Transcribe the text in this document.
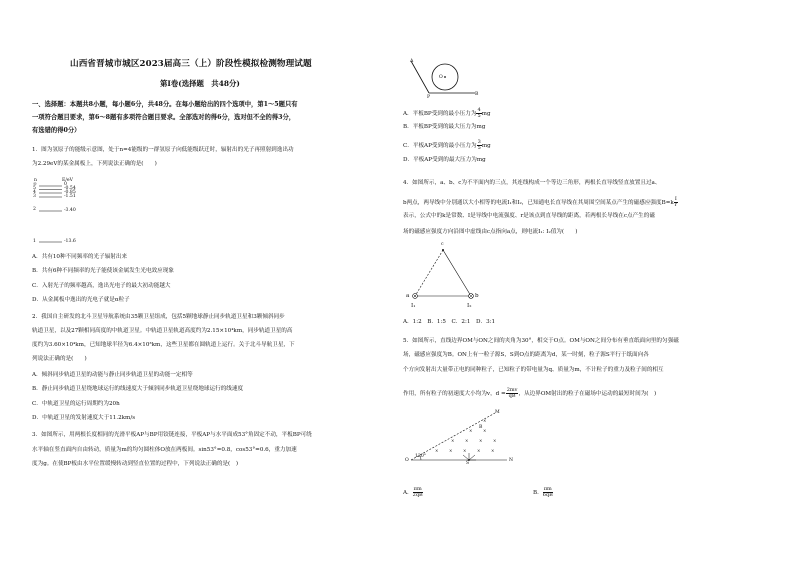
山西省晋城市城区2023届高三（上）阶段性模拟检测物理试题
第Ⅰ卷(选择题　共48分)
一、选择题：本题共8小题，每小题6分，共48分。在每小题给出的四个选项中，第1～5题只有
一项符合题目要求，第6～8题有多项符合题目要求。全部选对的得6分，选对但不全的得3分，
有选错的得0分）
1．图为氢原子的能级示意图，处于n=4能级的一群氢原子向低能级跃迁时，辐射出的光子再照射到逸出功
为2.29eV的某金属板上，下列说法正确的是(　　)
n	E/eV
∞
5
4
3
2
1
0
-0.54
-0.85
-1.51
-3.40
-13.6
A．共有10种不同频率的光子辐射出来
B．共有6种不同频率的光子能使该金属发生光电效应现象
C．入射光子的频率越高，逸出光电子的最大初动能越大
D．从金属板中逸出的光电子就是α粒子
2．我国自主研发的北斗卫星导航系统由35颗卫星组成，包括5颗地球静止同步轨道卫星和3颗倾斜同步
轨道卫星，以及27颗相同高度的中轨道卫星。中轨道卫星轨道高度约为2.15×10⁴km，同步轨道卫星的高
度约为3.60×10⁴km，已知地球半径为6.4×10³km，这些卫星都在圆轨道上运行。关于北斗导航卫星，下
列说法正确的是(　　)
A．倾斜同步轨道卫星的动能与静止同步轨道卫星的动能一定相等
B．静止同步轨道卫星绕地球运行的线速度大于倾斜同步轨道卫星绕地球运行的线速度
C．中轨道卫星的运行周期约为20h
D．中轨道卫星的发射速度大于11.2km/s
3．如图所示，用两根长度相同的光滑平板AP与BP用铰链连接，平板AP与水平面成53°角固定不动，平板BP可绕
水平轴在竖直面内自由转动，质量为m的均匀圆柱体O放在两板间。sin53°=0.8，cos53°=0.6，重力加速
度为g。在使BP板由水平位置缓慢转动到竖直位置的过程中，下列说法正确的是(　)
A
O
P
B
A．平板BP受到的最小压力为 $\frac{4}{5}$ mg
B．平板BP受到的最大压力为mg
C．平板AP受到的最小压力为 $\frac{3}{5}$ mg
D．平板AP受到的最大压力为mg
4．如图所示，a、b、c为不平面内的三点，其连线构成一个等边三角形，两根长直导线竖直放置且过a、
b两点，两导线中分别通以大小相等的电流I₁和I₂，已知通电长直导线在其周围空间某点产生的磁感应强度$B=k \frac{I}{r}$
表示，公式中的k是常数、I是导线中电流强度、r是该点到直导线的距离，若两根长导线在c点产生的磁
场的磁感应强度方向沿图中虚线由c点指向a点，则电流I₁: I₂值为(　　)
c
a	b
I₁	I₂
A．1:2　B．1:5　C．2:1　D．3:1
5．如图所示，直线边界OM与ON之间的夹角为30°，相交于O点。OM与ON之间分布有垂直纸面向里的匀强磁
场，磁感应强度为B。ON上有一粒子源S，S到O点的距离为d，某一时刻，粒子源S平行于纸面向各
个方向发射出大量带正电的同种粒子，已知粒子的带电量为q、质量为m，不计粒子的重力及粒子间的相互
作用，所有粒子的初速度大小均为v，$d = \frac{2mv}{qB}$ ，从边界OM射出的粒子在磁场中运动的最短时间为(　)
×
×	×
×	×	×	×
×	×	×	×	×
M
B
O
120°
S
N
A． $\frac{\pi m}{2qB}$	B． $\frac{\pi m}{6qB}$
